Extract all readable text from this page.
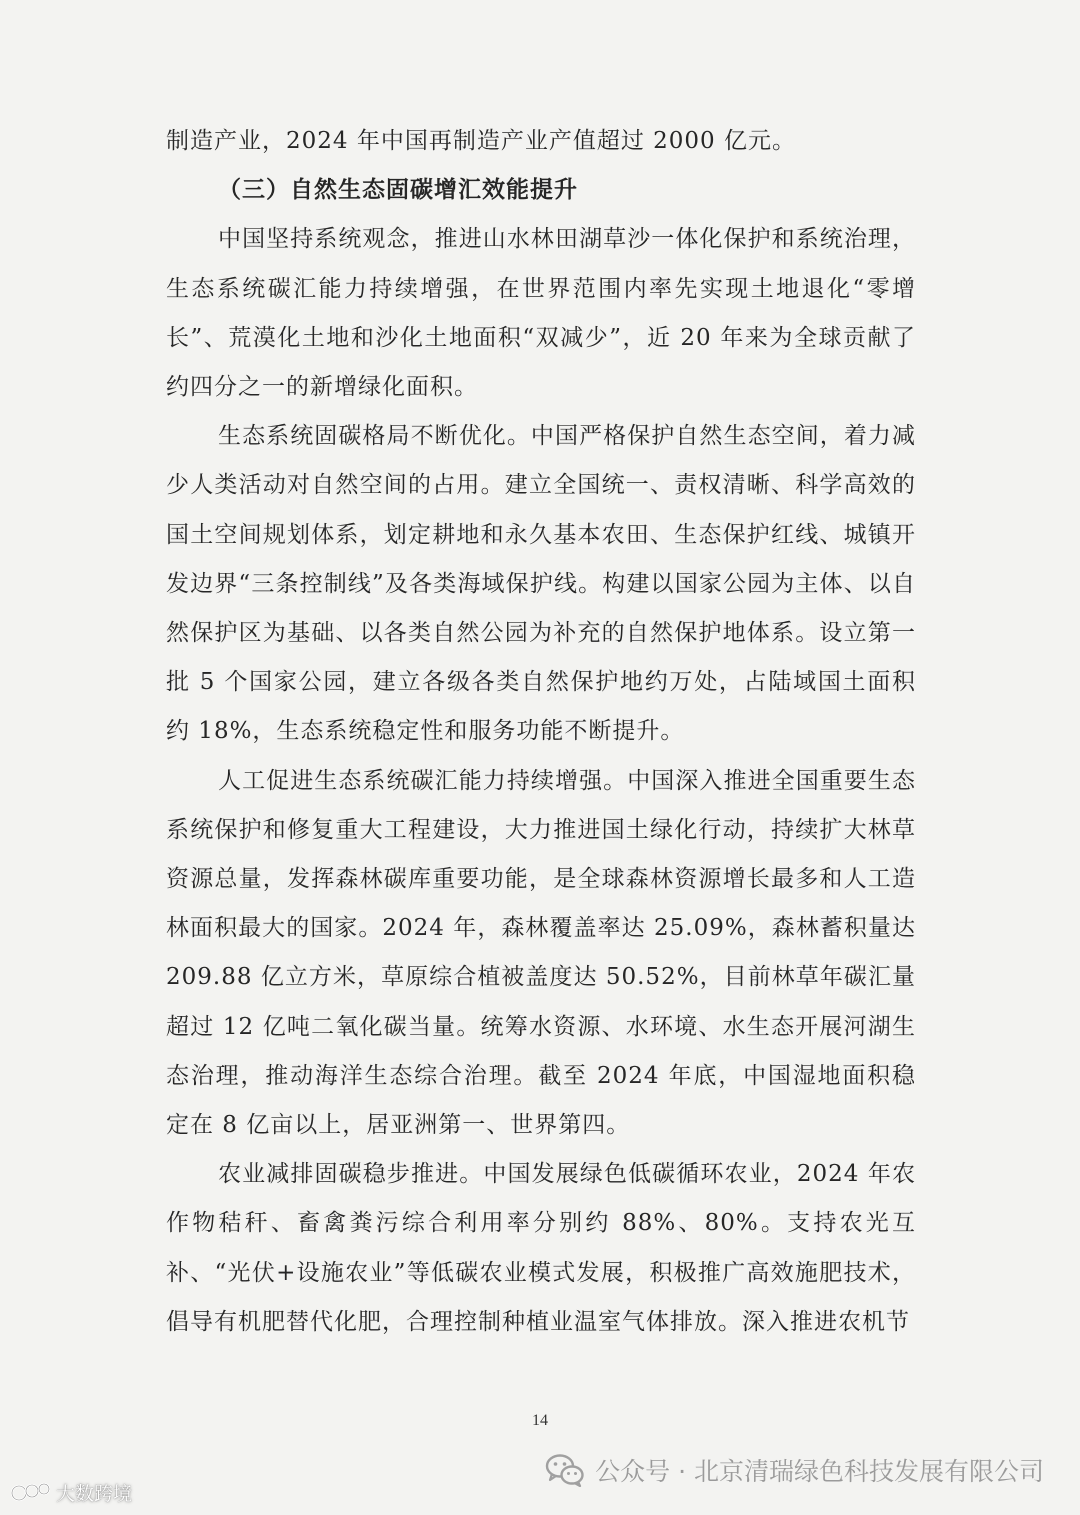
制造产业，2024 年中国再制造产业产值超过 2000 亿元。

（三）自然生态固碳增汇效能提升

中国坚持系统观念，推进山水林田湖草沙一体化保护和系统治理，生态系统碳汇能力持续增强，在世界范围内率先实现土地退化“零增长”、荒漠化土地和沙化土地面积“双减少”，近 20 年来为全球贡献了约四分之一的新增绿化面积。

生态系统固碳格局不断优化。中国严格保护自然生态空间，着力减少人类活动对自然空间的占用。建立全国统一、责权清晰、科学高效的国土空间规划体系，划定耕地和永久基本农田、生态保护红线、城镇开发边界“三条控制线”及各类海域保护线。构建以国家公园为主体、以自然保护区为基础、以各类自然公园为补充的自然保护地体系。设立第一批 5 个国家公园，建立各级各类自然保护地约万处，占陆域国土面积约 18%，生态系统稳定性和服务功能不断提升。

人工促进生态系统碳汇能力持续增强。中国深入推进全国重要生态系统保护和修复重大工程建设，大力推进国土绿化行动，持续扩大林草资源总量，发挥森林碳库重要功能，是全球森林资源增长最多和人工造林面积最大的国家。2024 年，森林覆盖率达 25.09%，森林蓄积量达 209.88 亿立方米，草原综合植被盖度达 50.52%，目前林草年碳汇量超过 12 亿吨二氧化碳当量。统筹水资源、水环境、水生态开展河湖生态治理，推动海洋生态综合治理。截至 2024 年底，中国湿地面积稳定在 8 亿亩以上，居亚洲第一、世界第四。

农业减排固碳稳步推进。中国发展绿色低碳循环农业，2024 年农作物秸秆、畜禽粪污综合利用率分别约 88%、80%。支持农光互补、“光伏+设施农业”等低碳农业模式发展，积极推广高效施肥技术，倡导有机肥替代化肥，合理控制种植业温室气体排放。深入推进农机节

14
公众号 · 北京清瑞绿色科技发展有限公司
大数跨境
